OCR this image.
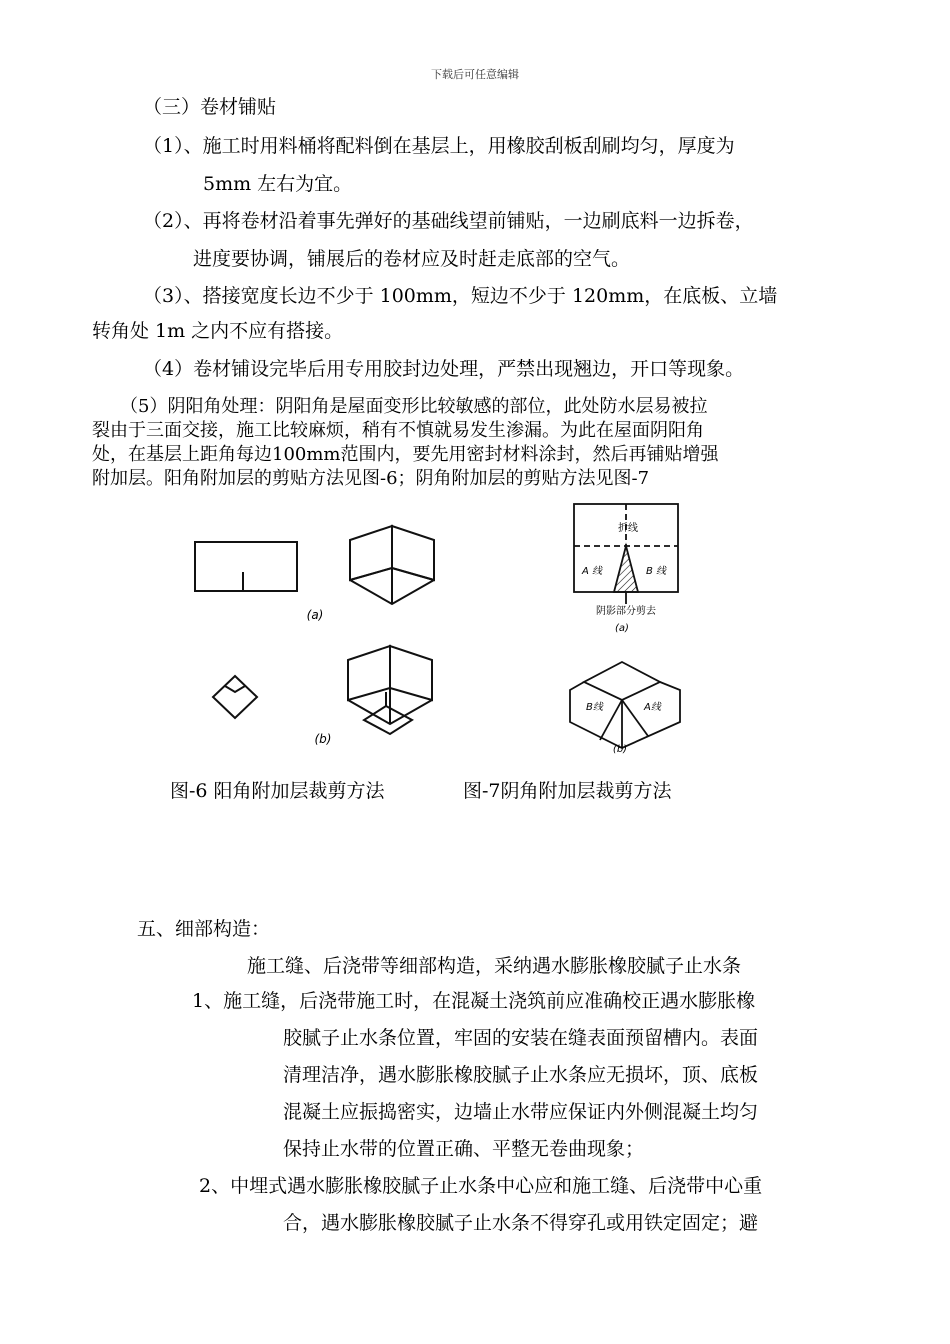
下载后可任意编辑
（三）卷材铺贴
（1）、施工时用料桶将配料倒在基层上，用橡胶刮板刮刷均匀，厚度为
5mm 左右为宜。
（2）、再将卷材沿着事先弹好的基础线望前铺贴，一边刷底料一边拆卷，
进度要协调，铺展后的卷材应及时赶走底部的空气。
（3）、搭接宽度长边不少于 100mm，短边不少于 120mm，在底板、立墙
转角处 1m 之内不应有搭接。
（4）卷材铺设完毕后用专用胶封边处理，严禁出现翘边，开口等现象。
（5）阴阳角处理：阴阳角是屋面变形比较敏感的部位，此处防水层易被拉
裂由于三面交接，施工比较麻烦，稍有不慎就易发生渗漏。为此在屋面阴阳角
处，在基层上距角每边100mm范围内，要先用密封材料涂封，然后再铺贴增强
附加层。阳角附加层的剪贴方法见图-6；阴角附加层的剪贴方法见图-7
(a)
(b)
折线
A 线	B 线
阴影部分剪去
(a)
B线	A线
(b)
图-6 阳角附加层裁剪方法	图-7阴角附加层裁剪方法
五、细部构造：
施工缝、后浇带等细部构造，采纳遇水膨胀橡胶腻子止水条
1、施工缝，后浇带施工时，在混凝土浇筑前应准确校正遇水膨胀橡
胶腻子止水条位置，牢固的安装在缝表面预留槽内。表面
清理洁净，遇水膨胀橡胶腻子止水条应无损坏，顶、底板
混凝土应振捣密实，边墙止水带应保证内外侧混凝土均匀
保持止水带的位置正确、平整无卷曲现象；
2、中埋式遇水膨胀橡胶腻子止水条中心应和施工缝、后浇带中心重
合，遇水膨胀橡胶腻子止水条不得穿孔或用铁定固定；避
